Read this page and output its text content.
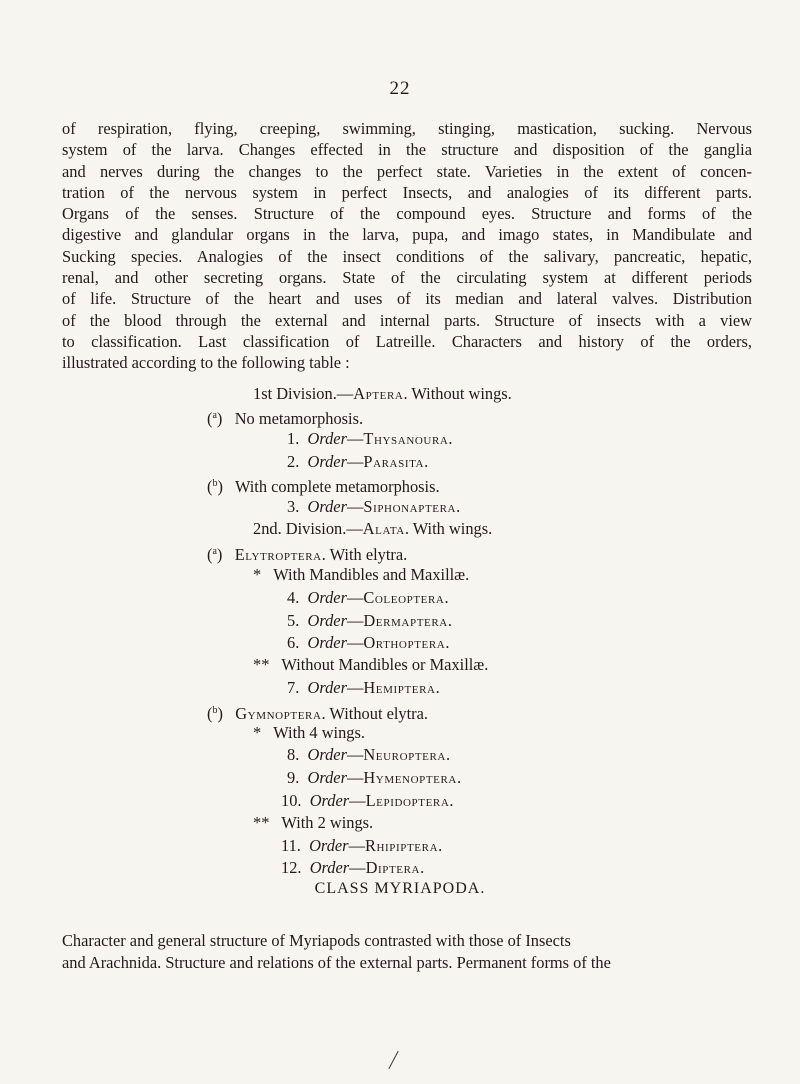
22
of respiration, flying, creeping, swimming, stinging, mastication, sucking. Nervous
system of the larva. Changes effected in the structure and disposition of the ganglia
and nerves during the changes to the perfect state. Varieties in the extent of concen-
tration of the nervous system in perfect Insects, and analogies of its different parts.
Organs of the senses. Structure of the compound eyes. Structure and forms of the
digestive and glandular organs in the larva, pupa, and imago states, in Mandibulate and
Sucking species. Analogies of the insect conditions of the salivary, pancreatic, hepatic,
renal, and other secreting organs. State of the circulating system at different periods
of life. Structure of the heart and uses of its median and lateral valves. Distribution
of the blood through the external and internal parts. Structure of insects with a view
to classification. Last classification of Latreille. Characters and history of the orders,
illustrated according to the following table :
1st Division.—Aptera. Without wings.
($^a$)   No metamorphosis.
1. Order—Thysanoura.
2. Order—Parasita.
($^b$)   With complete metamorphosis.
3. Order—Siphonaptera.
2nd. Division.—Alata. With wings.
($^a$)   Elytroptera. With elytra.
* With Mandibles and Maxillæ.
4. Order—Coleoptera.
5. Order—Dermaptera.
6. Order—Orthoptera.
** Without Mandibles or Maxillæ.
7. Order—Hemiptera.
($^b$)   Gymnoptera. Without elytra.
* With 4 wings.
8. Order—Neuroptera.
9. Order—Hymenoptera.
CLASS MYRIAPODA.
Character and general structure of Myriapods contrasted with those of Insects
and Arachnida. Structure and relations of the external parts. Permanent forms of the
10. Order—Lepidoptera.
** With 2 wings.
11. Order—Rhipiptera.
12. Order—Diptera.
